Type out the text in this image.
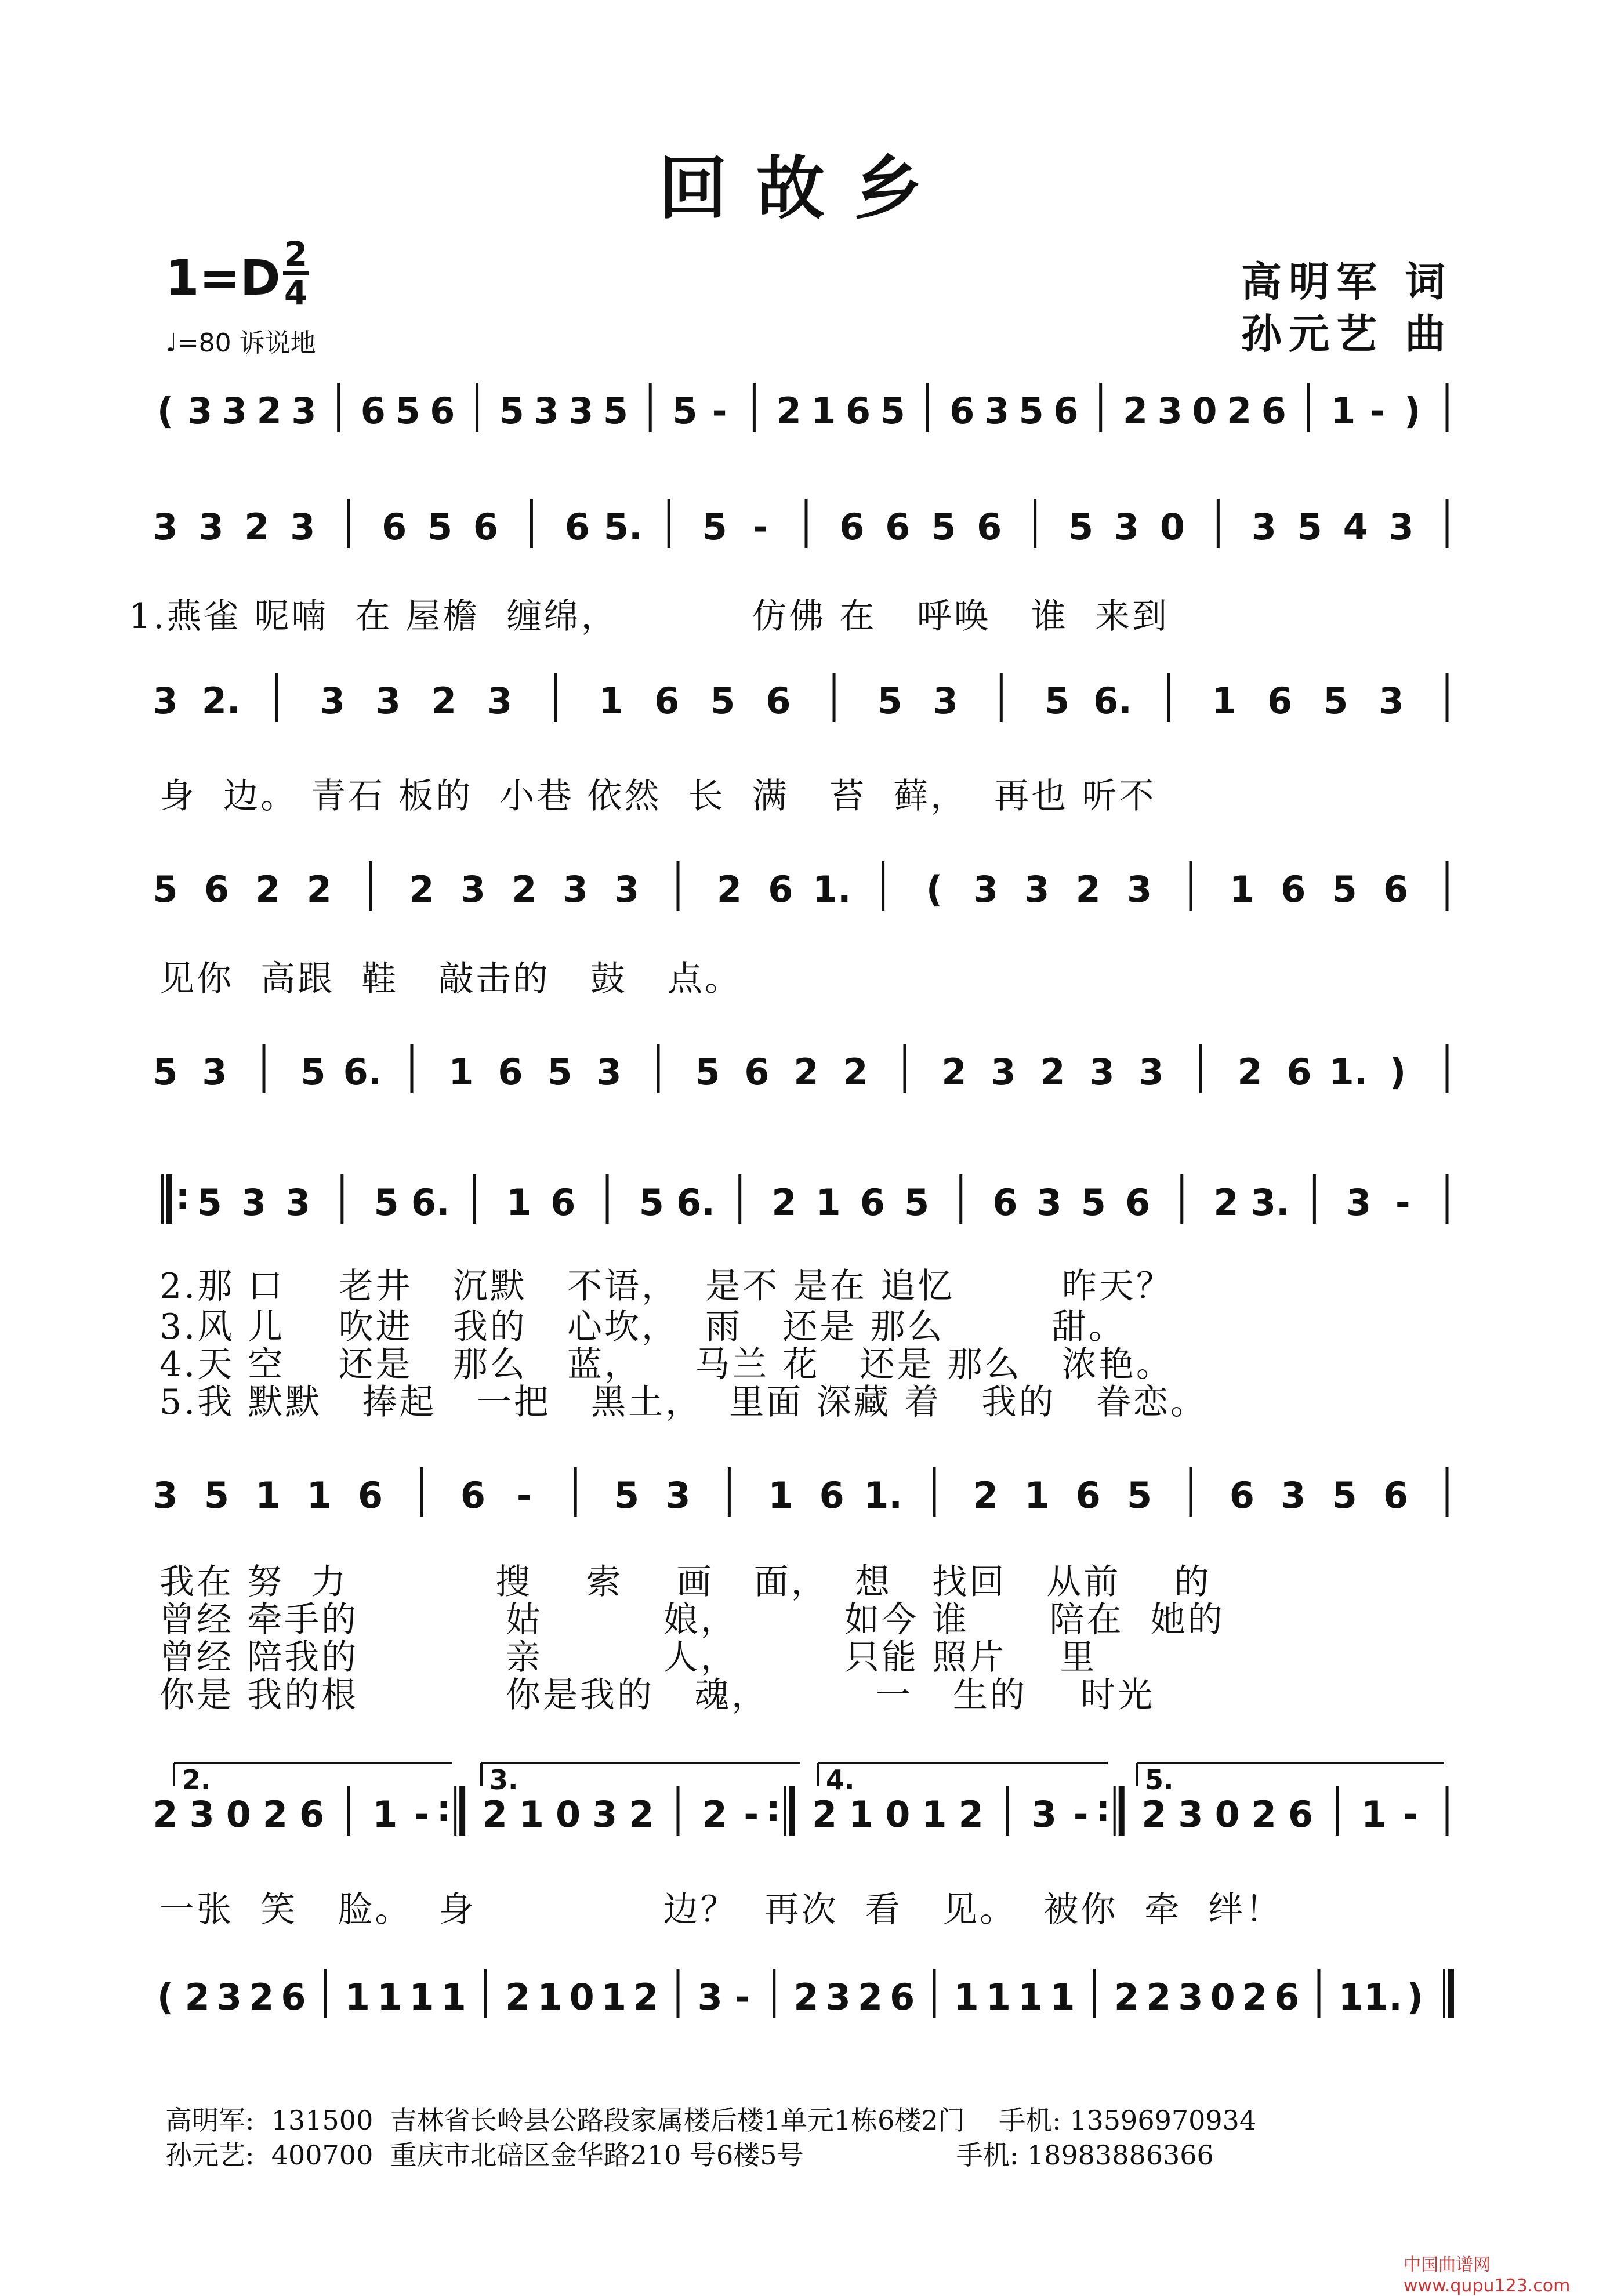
回故乡
1=D 2
4
♩=80 诉说地
高明军 词
孙元艺 曲
( 3 3 2 3 6 5 6 5 3 3 5 5 - 2 1 6 5 6 3 5 6 2 3 0 2 6 1 - )
3 3 2 3 6 5 6 6 5. 5 - 6 6 5 6 5 3 0 3 5 4 3
3 2. 3 3 2 3 1 6 5 6 5 3 5 6. 1 6 5 3
5 6 2 2 2 3 2 3 3 2 6 1. ( 3 3 2 3 1 6 5 6
5 3 5 6. 1 6 5 3 5 6 2 2 2 3 2 3 3 2 6 1. )
: 5 3 3 5 6. 1 6 5 6. 2 1 6 5 6 3 5 6 2 3. 3 -
3 5 1 1 6 6 - 5 3 1 6 1. 2 1 6 5 6 3 5 6
2 3 0 2 6 1 - : 2 1 0 3 2 2 - : 2 1 0 1 2 3 - : 2 3 0 2 6 1 -
( 2 3 2 6 1 1 1 1 2 1 0 1 2 3 - 2 3 2 6 1 1 1 1 2 2 3 0 2 6 1 1. )
2.	3.	4.	5.
1.燕雀 呢喃  在 屋檐  缠绵，          仿佛 在   呼唤   谁  来到
身  边。 青石 板的  小巷 依然  长  满   苔  藓，  再也 听不
见你  高跟  鞋   敲击的   鼓   点。
2.那 口    老井   沉默   不语，  是不 是在 追忆        昨天？
3.风 儿    吹进   我的   心坎，  雨   还是 那么        甜。
4.天 空    还是   那么   蓝，    马兰 花   还是 那么   浓艳。
5.我 默默   捧起   一把   黑土，  里面 深藏 着   我的   眷恋。
我在 努  力           搜    索    画   面，  想   找回   从前    的
曾经 牵手的           姑         娘，        如今 谁      陪在  她的
曾经 陪我的           亲         人，        只能 照片    里
你是 我的根           你是我的   魂，        一   生的    时光
一张  笑   脸。  身              边？  再次  看   见。  被你  牵  绊！
高明军:  131500  吉林省长岭县公路段家属楼后楼1单元1栋6楼2门    手机: 13596970934
孙元艺:  400700  重庆市北碚区金华路210 号6楼5号                  手机: 18983886366
中国曲谱网 www.qupu123.com
